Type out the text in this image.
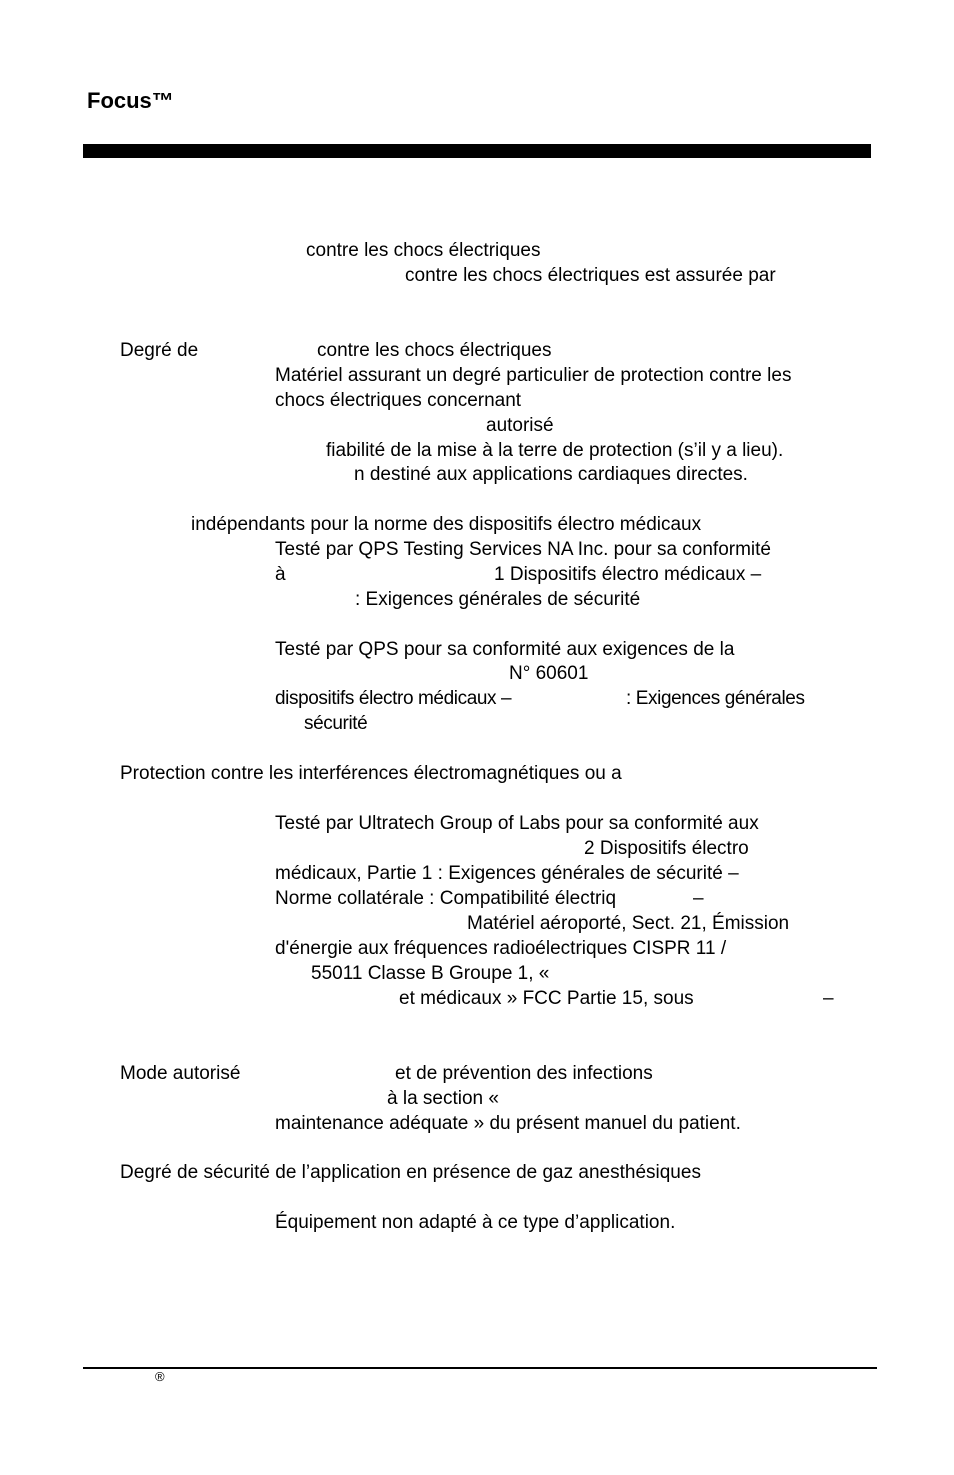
Focus™
contre les chocs électriques
contre les chocs électriques est assurée par
Degré de	contre les chocs électriques
Matériel assurant un degré particulier de protection contre les
chocs électriques concernant
autorisé
fiabilité de la mise à la terre de protection (s’il y a lieu).
n destiné aux applications cardiaques directes.
indépendants pour la norme des dispositifs électro médicaux
Testé par QPS Testing Services NA Inc. pour sa conformité
à	1 Dispositifs électro médicaux –
: Exigences générales de sécurité
Testé par QPS pour sa conformité aux exigences de la
N° 60601
dispositifs électro médicaux –	: Exigences générales
sécurité
Protection contre les interférences électromagnétiques ou a
Testé par Ultratech Group of Labs pour sa conformité aux
2 Dispositifs électro
médicaux, Partie 1 : Exigences générales de sécurité –
Norme collatérale : Compatibilité électriq	–
Matériel aéroporté, Sect. 21, Émission
d'énergie aux fréquences radioélectriques CISPR 11 /
55011 Classe B Groupe 1, «
et médicaux » FCC Partie 15, sous	–
Mode autorisé	et de prévention des infections
à la section «
maintenance adéquate » du présent manuel du patient.
Degré de sécurité de l’application en présence de gaz anesthésiques
Équipement non adapté à ce type d’application.
®
